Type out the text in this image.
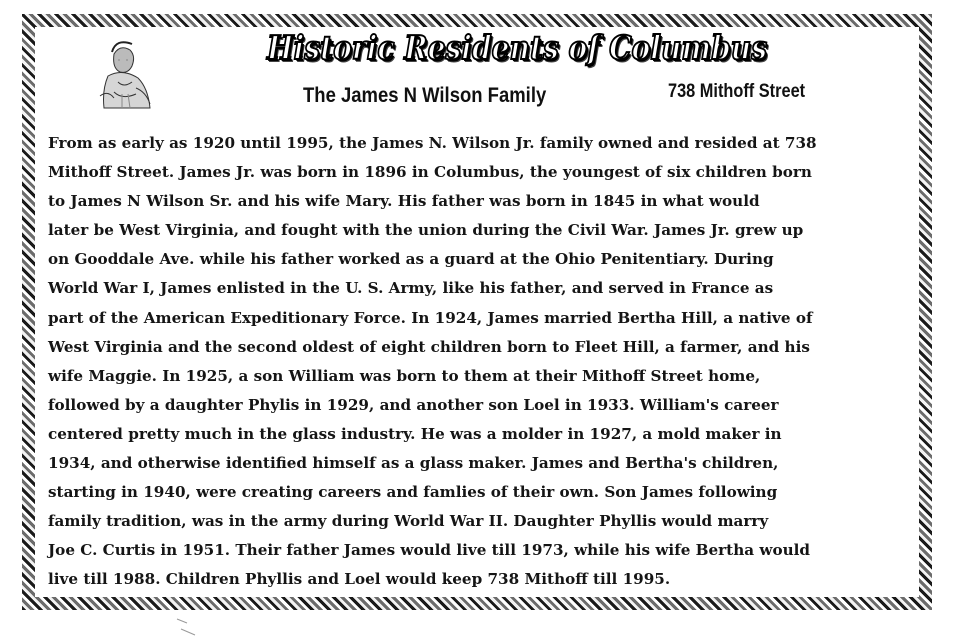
Historic Residents of Columbus
The James N Wilson Family	738 Mithoff Street
From as early as 1920 until 1995, the James N. Wilson Jr. family owned and resided at 738
Mithoff Street. James Jr. was born in 1896 in Columbus, the youngest of six children born
to James N Wilson Sr. and his wife Mary. His father was born in 1845 in what would
later be West Virginia, and fought with the union during the Civil War. James Jr. grew up
on Gooddale Ave. while his father worked as a guard at the Ohio Penitentiary. During
World War I, James enlisted in the U. S. Army, like his father, and served in France as
part of the American Expeditionary Force. In 1924, James married Bertha Hill, a native of
West Virginia and the second oldest of eight children born to Fleet Hill, a farmer, and his
wife Maggie. In 1925, a son William was born to them at their Mithoff Street home,
followed by a daughter Phylis in 1929, and another son Loel in 1933. William's career
centered pretty much in the glass industry. He was a molder in 1927, a mold maker in
1934, and otherwise identified himself as a glass maker. James and Bertha's children,
starting in 1940, were creating careers and famlies of their own. Son James following
family tradition, was in the army during World War II. Daughter Phyllis would marry
Joe C. Curtis in 1951. Their father James would live till 1973, while his wife Bertha would
live till 1988. Children Phyllis and Loel would keep 738 Mithoff till 1995.
